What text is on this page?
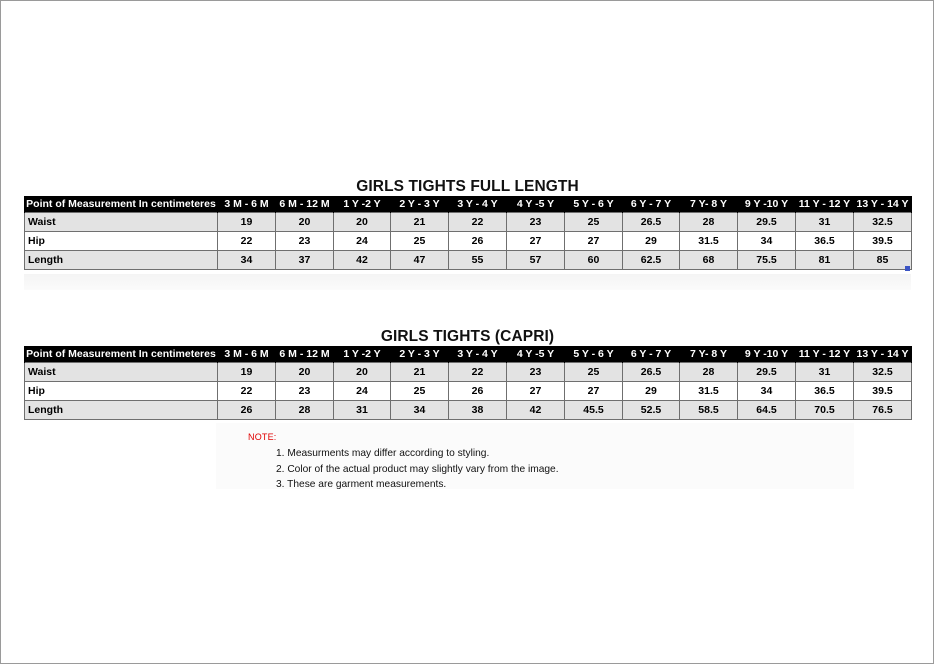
GIRLS TIGHTS FULL LENGTH
Point of Measurement In centimeteres	3 M - 6 M	6 M - 12 M	1 Y -2 Y	2 Y - 3 Y	3 Y - 4 Y	4 Y -5 Y	5 Y - 6 Y	6 Y - 7 Y	7 Y- 8 Y	9 Y -10 Y	11 Y - 12 Y	13 Y - 14 Y
Waist	19	20	20	21	22	23	25	26.5	28	29.5	31	32.5
Hip	22	23	24	25	26	27	27	29	31.5	34	36.5	39.5
Length	34	37	42	47	55	57	60	62.5	68	75.5	81	85
GIRLS TIGHTS (CAPRI)
Point of Measurement In centimeteres	3 M - 6 M	6 M - 12 M	1 Y -2 Y	2 Y - 3 Y	3 Y - 4 Y	4 Y -5 Y	5 Y - 6 Y	6 Y - 7 Y	7 Y- 8 Y	9 Y -10 Y	11 Y - 12 Y	13 Y - 14 Y
Waist	19	20	20	21	22	23	25	26.5	28	29.5	31	32.5
Hip	22	23	24	25	26	27	27	29	31.5	34	36.5	39.5
Length	26	28	31	34	38	42	45.5	52.5	58.5	64.5	70.5	76.5
NOTE:
1. Measurments may differ according to styling.
2. Color of the actual product may slightly vary from the image.
3. These are garment measurements.
